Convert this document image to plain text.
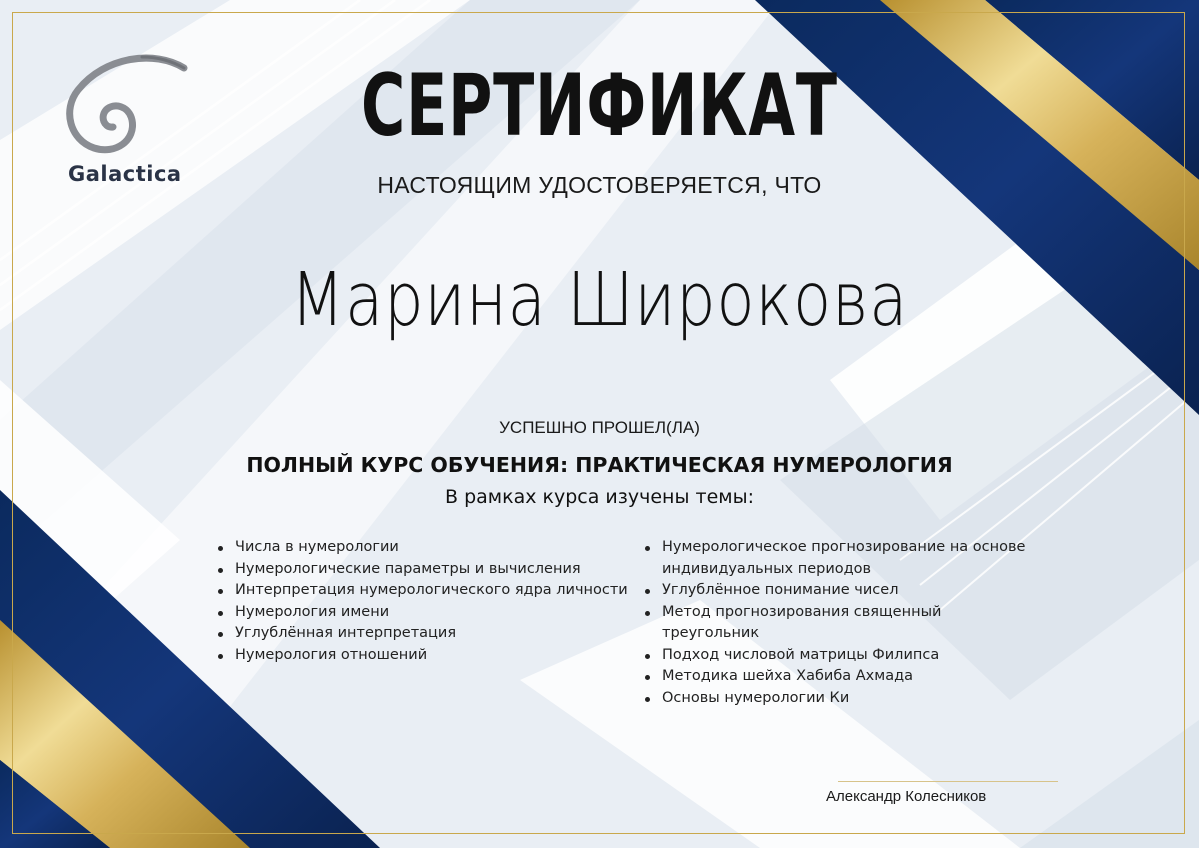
Galactica
СЕРТИФИКАТ
НАСТОЯЩИМ УДОСТОВЕРЯЕТСЯ, ЧТО
Марина Широкова
УСПЕШНО ПРОШЕЛ(ЛА)
ПОЛНЫЙ КУРС ОБУЧЕНИЯ: ПРАКТИЧЕСКАЯ НУМЕРОЛОГИЯ
В рамках курса изучены темы:
Числа в нумерологии
Нумерологические параметры и вычисления
Интерпретация нумерологического ядра личности
Нумерология имени
Углублённая интерпретация
Нумерология отношений
Нумерологическое прогнозирование на основе индивидуальных периодов
Углублённое понимание чисел
Метод прогнозирования священный треугольник
Подход числовой матрицы Филипса
Методика шейха Хабиба Ахмада
Основы нумерологии Ки
Александр Колесников
